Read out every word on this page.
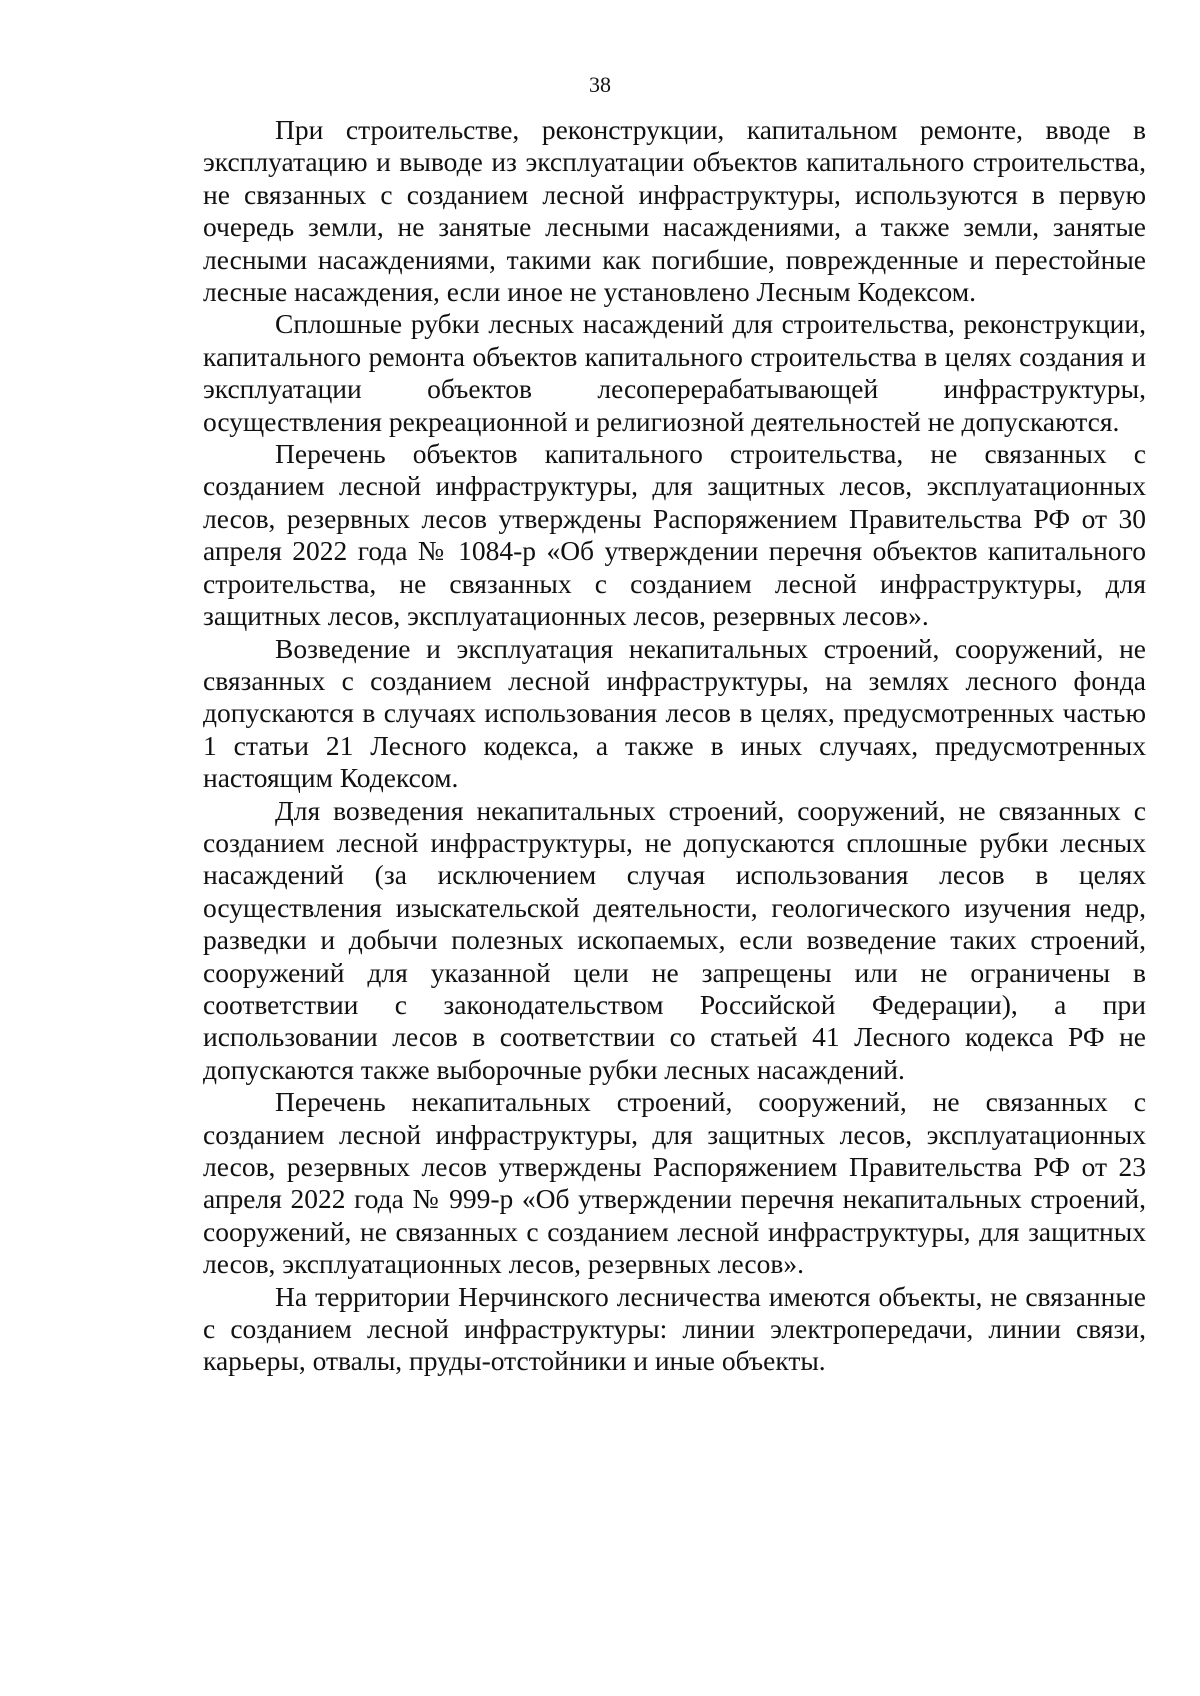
38

При строительстве, реконструкции, капитальном ремонте, вводе в эксплуатацию и выводе из эксплуатации объектов капитального строительства, не связанных с созданием лесной инфраструктуры, используются в первую очередь земли, не занятые лесными насаждениями, а также земли, занятые лесными насаждениями, такими как погибшие, поврежденные и перестойные лесные насаждения, если иное не установлено Лесным Кодексом.

Сплошные рубки лесных насаждений для строительства, реконструкции, капитального ремонта объектов капитального строительства в целях создания и эксплуатации объектов лесоперерабатывающей инфраструктуры, осуществления рекреационной и религиозной деятельностей не допускаются.

Перечень объектов капитального строительства, не связанных с созданием лесной инфраструктуры, для защитных лесов, эксплуатационных лесов, резервных лесов утверждены Распоряжением Правительства РФ от 30 апреля 2022 года № 1084-р «Об утверждении перечня объектов капитального строительства, не связанных с созданием лесной инфраструктуры, для защитных лесов, эксплуатационных лесов, резервных лесов».

Возведение и эксплуатация некапитальных строений, сооружений, не связанных с созданием лесной инфраструктуры, на землях лесного фонда допускаются в случаях использования лесов в целях, предусмотренных частью 1 статьи 21 Лесного кодекса, а также в иных случаях, предусмотренных настоящим Кодексом.

Для возведения некапитальных строений, сооружений, не связанных с созданием лесной инфраструктуры, не допускаются сплошные рубки лесных насаждений (за исключением случая использования лесов в целях осуществления изыскательской деятельности, геологического изучения недр, разведки и добычи полезных ископаемых, если возведение таких строений, сооружений для указанной цели не запрещены или не ограничены в соответствии с законодательством Российской Федерации), а при использовании лесов в соответствии со статьей 41 Лесного кодекса РФ не допускаются также выборочные рубки лесных насаждений.

Перечень некапитальных строений, сооружений, не связанных с созданием лесной инфраструктуры, для защитных лесов, эксплуатационных лесов, резервных лесов утверждены Распоряжением Правительства РФ от 23 апреля 2022 года № 999-р «Об утверждении перечня некапитальных строений, сооружений, не связанных с созданием лесной инфраструктуры, для защитных лесов, эксплуатационных лесов, резервных лесов».

На территории Нерчинского лесничества имеются объекты, не связанные с созданием лесной инфраструктуры: линии электропередачи, линии связи, карьеры, отвалы, пруды-отстойники и иные объекты.
